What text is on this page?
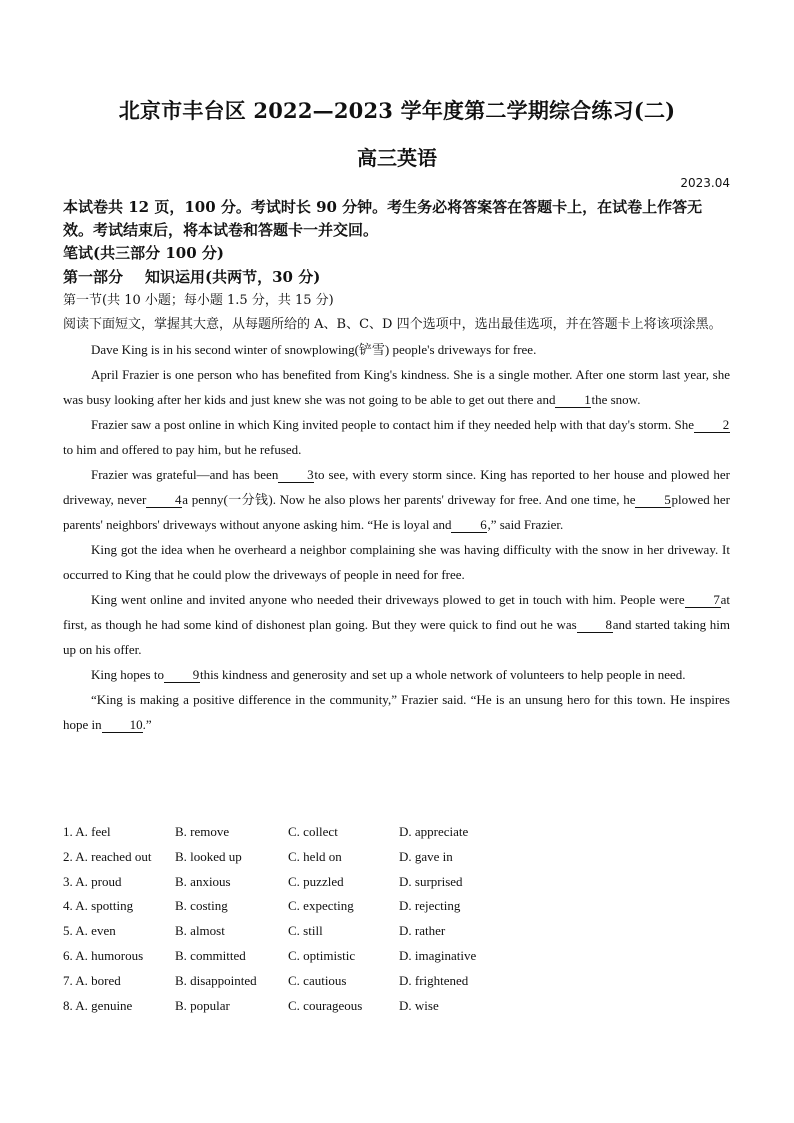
北京市丰台区 2022—2023 学年度第二学期综合练习(二)
高三英语
2023.04

本试卷共 12 页，100 分。考试时长 90 分钟。考生务必将答案答在答题卡上，在试卷上作答无效。考试结束后，将本试卷和答题卡一并交回。

笔试(共三部分 100 分)

第一部分 知识运用(共两节，30 分)

第一节(共 10 小题；每小题 1.5 分，共 15 分)

阅读下面短文，掌握其大意，从每题所给的 A、B、C、D 四个选项中，选出最佳选项，并在答题卡上将该项涂黑。

Dave King is in his second winter of snowplowing(铲雪) people's driveways for free.

April Frazier is one person who has benefited from King's kindness. She is a single mother. After one storm last year, she was busy looking after her kids and just knew she was not going to be able to get out there and 1the snow.

Frazier saw a post online in which King invited people to contact him if they needed help with that day's storm. She 2to him and offered to pay him, but he refused.

Frazier was grateful—and has been 3to see, with every storm since. King has reported to her house and plowed her driveway, never 4a penny(一分钱). Now he also plows her parents' driveway for free. And one time, he 5plowed her parents' neighbors' driveways without anyone asking him. “He is loyal and 6,” said Frazier.

King got the idea when he overheard a neighbor complaining she was having difficulty with the snow in her driveway. It occurred to King that he could plow the driveways of people in need for free.

King went online and invited anyone who needed their driveways plowed to get in touch with him. People were 7at first, as though he had some kind of dishonest plan going. But they were quick to find out he was 8and started taking him up on his offer.

King hopes to 9this kindness and generosity and set up a whole network of volunteers to help people in need.

“King is making a positive difference in the community,” Frazier said. “He is an unsung hero for this town. He inspires hope in 10.”

1. A. feel	B. remove	C. collect	D. appreciate
2. A. reached out	B. looked up	C. held on	D. gave in
3. A. proud	B. anxious	C. puzzled	D. surprised
4. A. spotting	B. costing	C. expecting	D. rejecting
5. A. even	B. almost	C. still	D. rather
6. A. humorous	B. committed	C. optimistic	D. imaginative
7. A. bored	B. disappointed	C. cautious	D. frightened
8. A. genuine	B. popular	C. courageous	D. wise
